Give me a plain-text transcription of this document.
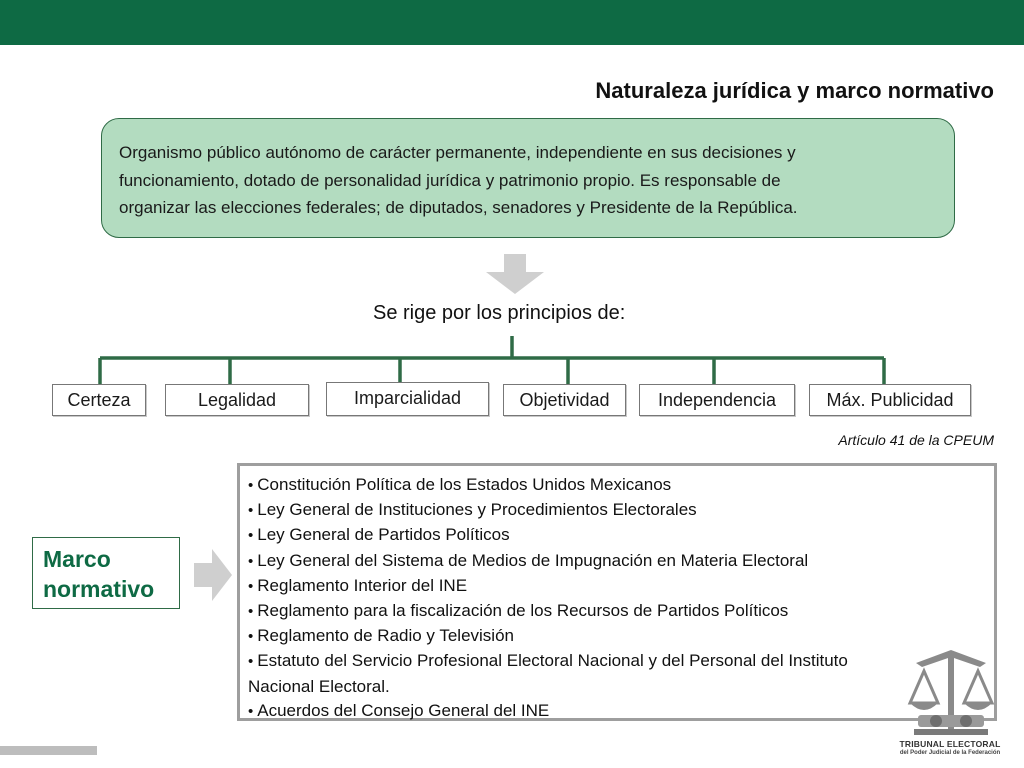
Naturaleza jurídica y marco normativo
Organismo público autónomo de carácter permanente, independiente en sus decisiones y
funcionamiento, dotado de personalidad jurídica y patrimonio propio. Es responsable de
organizar las elecciones federales; de diputados, senadores y Presidente de la República.
Se rige por los principios de:
Certeza	Legalidad	Imparcialidad	Objetividad	Independencia	Máx. Publicidad
Artículo 41 de la CPEUM
Marco
normativo
• Constitución Política de los Estados Unidos Mexicanos
• Ley General de Instituciones y Procedimientos Electorales
• Ley General de Partidos Políticos
• Ley General del Sistema de Medios de Impugnación en Materia Electoral
• Reglamento Interior del INE
• Reglamento para la fiscalización de los Recursos de Partidos Políticos
• Reglamento de Radio y Televisión
• Estatuto del Servicio Profesional Electoral Nacional y del Personal del Instituto
Nacional Electoral.
• Acuerdos del Consejo General del INE
TRIBUNAL ELECTORAL
del Poder Judicial de la Federación
